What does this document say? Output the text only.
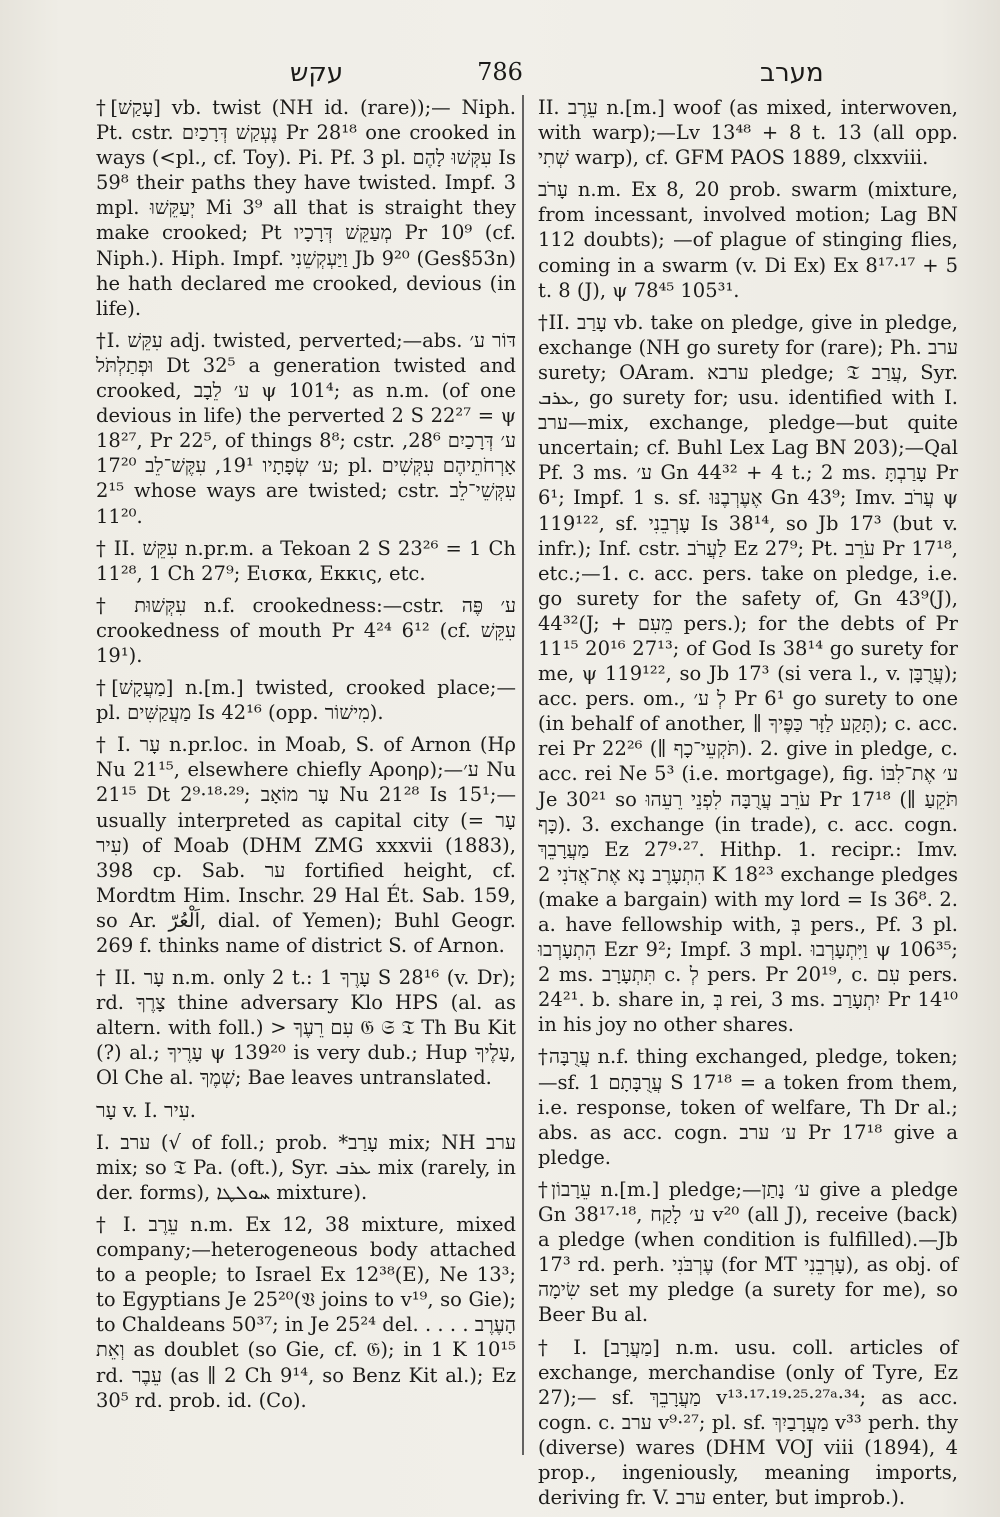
עקש	786	מערב

†[עָקַשׁ] vb. twist (NH id. (rare));— Niph. Pt. cstr. נֶעְקַשׁ דְּרָכַיִם Pr 28¹⁸ one crooked in ways (<pl., cf. Toy). Pi. Pf. 3 pl. עִקְּשׁוּ לָהֶם Is 59⁸ their paths they have twisted. Impf. 3 mpl. יְעַקֵּשׁוּ Mi 3⁹ all that is straight they make crooked; Pt מְעַקֵּשׁ דְּרָכָיו Pr 10⁹ (cf. Niph.). Hiph. Impf. וַיַּעְקְשֵׁנִי Jb 9²⁰ (Ges§53n) he hath declared me crooked, devious (in life).

†I. עִקֵּשׁ adj. twisted, perverted;—abs. דּוֹר ע׳ וּפְתַלְתֹּל Dt 32⁵ a generation twisted and crooked, ע׳ לֵבָב ψ 101⁴; as n.m. (of one devious in life) the perverted 2 S 22²⁷ = ψ 18²⁷, Pr 22⁵, of things 8⁸; cstr. ע׳ דְּרָכַיִם 28⁶, ע׳ שְׂפָתָיו 19¹, עִקֶּשׁ־לֵב 17²⁰; pl. אָרְחֹתֵיהֶם עִקְּשִׁים 2¹⁵ whose ways are twisted; cstr. עִקְּשֵׁי־לֵב 11²⁰.

† II. עִקֵּשׁ n.pr.m. a Tekoan 2 S 23²⁶ = 1 Ch 11²⁸, 1 Ch 27⁹; Εισκα, Εκκις, etc.

† עִקְּשׁוּת n.f. crookedness:—cstr. ע׳ פֶּה crookedness of mouth Pr 4²⁴ 6¹² (cf. עִקֵּשׁ 19¹).

†[מַעֲקָשׁ] n.[m.] twisted, crooked place;— pl. מַעֲקַשִּׁים Is 42¹⁶ (opp. מִישׁוֹר).

† I. עָר n.pr.loc. in Moab, S. of Arnon (Ηρ Nu 21¹⁵, elsewhere chiefly Αροηρ);—ע׳ Nu 21¹⁵ Dt 2⁹·¹⁸·²⁹; עָר מוֹאָב Nu 21²⁸ Is 15¹;—usually interpreted as capital city (עָר = עִיר) of Moab (DHM ZMG xxxvii (1883), 398 cp. Sab. ער fortified height, cf. Mordtm Him. Inschr. 29 Hal Ét. Sab. 159, so Ar. اَلْعُرّ, dial. of Yemen); Buhl Geogr. 269 f. thinks name of district S. of Arnon.

† II. עָר n.m. only 2 t.: עָרֶךָ 1 S 28¹⁶ (v. Dr); rd. צָרֶךָ thine adversary Klo HPS (al. as altern. with foll.) > עִם רֵעֶךָ 𝔊 𝔖 𝔗 Th Bu Kit (?) al.; עָרֶיךָ ψ 139²⁰ is very dub.; Hup עָלֶיךָ, Ol Che al. שְׁמֶךָ; Bae leaves untranslated.

עָר v. I. עִיר.

I. ערב (√ of foll.; prob. *עָרַב mix; NH ערב mix; so 𝔗 Pa. (oft.), Syr. ܥܪܒ mix (rarely, in der. forms), ܚܘܠܛܐ mixture).

† I. עֵרֶב n.m. Ex 12, 38 mixture, mixed company;—heterogeneous body attached to a people; to Israel Ex 12³⁸(E), Ne 13³; to Egyptians Je 25²⁰(𝔙 joins to v¹⁹, so Gie); to Chaldeans 50³⁷; in Je 25²⁴ del. הָעֶרֶב . . . . וְאֵת as doublet (so Gie, cf. 𝔊); in 1 K 10¹⁵ rd. עֵבֶר (as ∥ 2 Ch 9¹⁴, so Benz Kit al.); Ez 30⁵ rd. prob. id. (Co).

II. עֵרֶב n.[m.] woof (as mixed, interwoven, with warp);—Lv 13⁴⁸ + 8 t. 13 (all opp. שְׁתִי warp), cf. GFM PAOS 1889, clxxviii.

עָרֹב n.m. Ex 8, 20 prob. swarm (mixture, from incessant, involved motion; Lag BN 112 doubts); —of plague of stinging flies, coming in a swarm (v. Di Ex) Ex 8¹⁷·¹⁷ + 5 t. 8 (J), ψ 78⁴⁵ 105³¹.

†II. עָרַב vb. take on pledge, give in pledge, exchange (NH go surety for (rare); Ph. ערב surety; OAram. ערבא pledge; 𝔗 עֲרַב, Syr. ܥܪܒ, go surety for; usu. identified with I. ערב—mix, exchange, pledge—but quite uncertain; cf. Buhl Lex Lag BN 203);—Qal Pf. 3 ms. ע׳ Gn 44³² + 4 t.; 2 ms. עָרַבְתָּ Pr 6¹; Impf. 1 s. sf. אֶעֶרְבֶנּוּ Gn 43⁹; Imv. עֲרֹב ψ 119¹²², sf. עָרְבֵנִי Is 38¹⁴, so Jb 17³ (but v. infr.); Inf. cstr. לַעֲרֹב Ez 27⁹; Pt. עֹרֵב Pr 17¹⁸, etc.;—1. c. acc. pers. take on pledge, i.e. go surety for the safety of, Gn 43⁹(J), 44³²(J; + מֵעִם pers.); for the debts of Pr 11¹⁵ 20¹⁶ 27¹³; of God Is 38¹⁴ go surety for me, ψ 119¹²², so Jb 17³ (si vera l., v. עֲרֻבָּן); acc. pers. om., לְ ע׳ Pr 6¹ go surety to one (in behalf of another, ∥ תָּקַע לַזָּר כַּפֶּיךָ); c. acc. rei Pr 22²⁶ (∥ תֹּקְעֵי־כָף). 2. give in pledge, c. acc. rei Ne 5³ (i.e. mortgage), fig. ע׳ אֶת־לִבּוֹ Je 30²¹ so עֹרֵב עֲרֻבָּה לִפְנֵי רֵעֵהוּ Pr 17¹⁸ (∥ תֹּקֵעַ כָּף). 3. exchange (in trade), c. acc. cogn. מַעֲרָבֵךְ Ez 27⁹·²⁷. Hithp. 1. recipr.: Imv. הִתְעָרֶב נָא אֶת־אֲדֹנִי 2 K 18²³ exchange pledges (make a bargain) with my lord = Is 36⁸. 2. a. have fellowship with, בְּ pers., Pf. 3 pl. הִתְעָרְבוּ Ezr 9²; Impf. 3 mpl. וַיִּתְעָרְבוּ ψ 106³⁵; 2 ms. תִּתְעָרָב c. לְ pers. Pr 20¹⁹, c. עִם pers. 24²¹. b. share in, בְּ rei, 3 ms. יִתְעָרַב Pr 14¹⁰ in his joy no other shares.

†עֲרֻבָּה n.f. thing exchanged, pledge, token;—sf. עֲרֻבָּתָם 1 S 17¹⁸ = a token from them, i.e. response, token of welfare, Th Dr al.; abs. as acc. cogn. ע׳ ערב Pr 17¹⁸ give a pledge.

†עֵרָבוֹן n.[m.] pledge;—ע׳ נָתַן give a pledge Gn 38¹⁷·¹⁸, ע׳ לָקַח v²⁰ (all J), receive (back) a pledge (when condition is fulfilled).—Jb 17³ rd. perh. עֶרְבֹּנִי (for MT עָרְבֵנִי), as obj. of שִׂימָה set my pledge (a surety for me), so Beer Bu al.

† I. [מַעֲרָב] n.m. usu. coll. articles of exchange, merchandise (only of Tyre, Ez 27);— sf. מַעֲרָבֵךְ v¹³·¹⁷·¹⁹·²⁵·²⁷ᵃ·³⁴; as acc. cogn. c. ערב v⁹·²⁷; pl. sf. מַעֲרָבַיִךְ v³³ perh. thy (diverse) wares (DHM VOJ viii (1894), 4 prop., ingeniously, meaning imports, deriving fr. V. ערב enter, but improb.).
